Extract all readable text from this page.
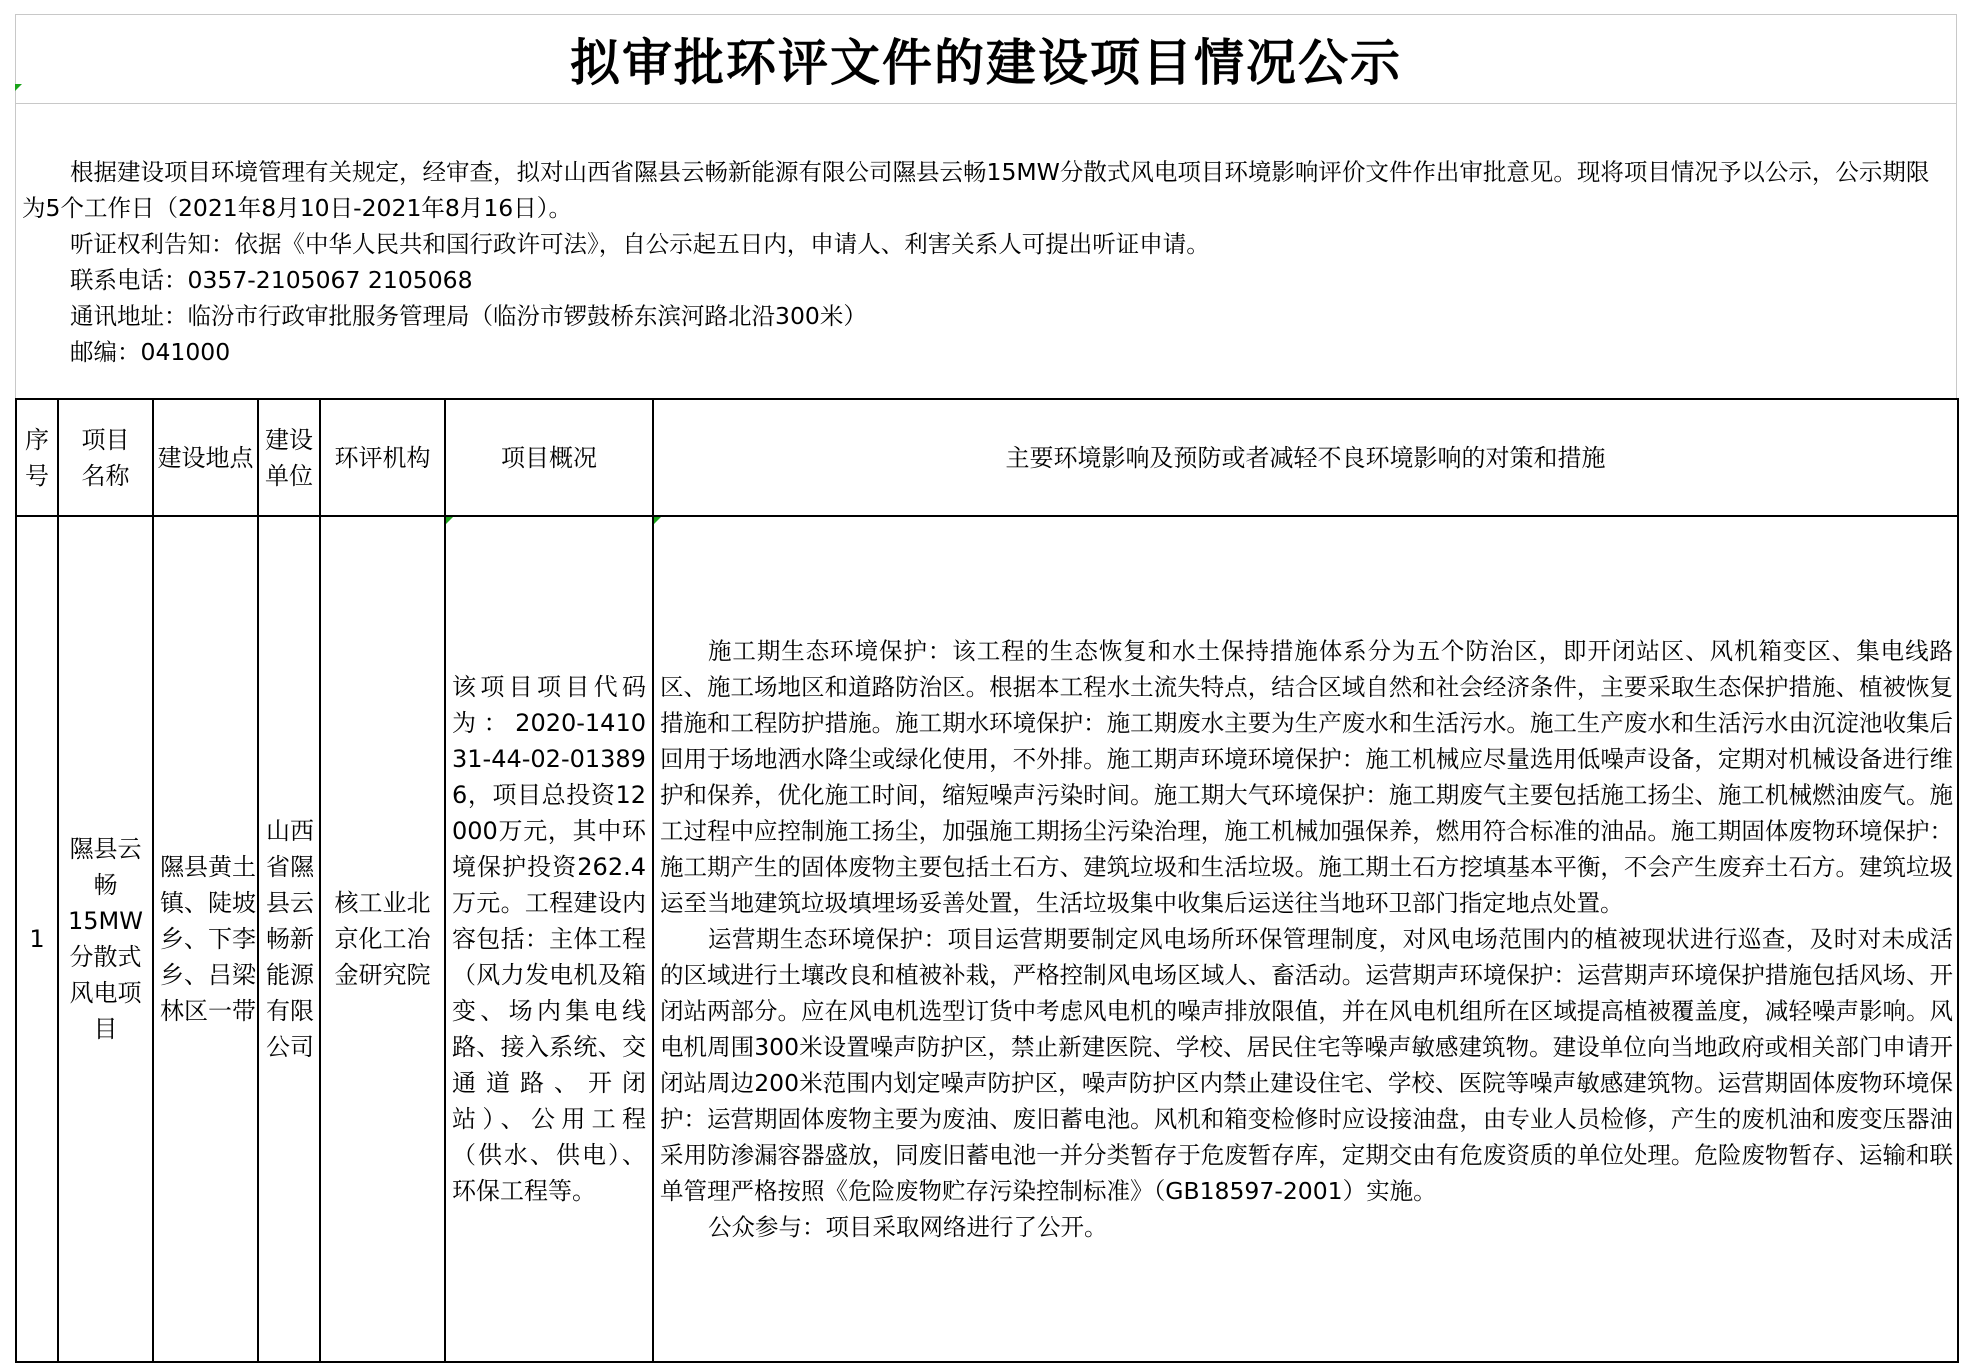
拟审批环评文件的建设项目情况公示

根据建设项目环境管理有关规定，经审查，拟对山西省隰县云畅新能源有限公司隰县云畅15MW分散式风电项目环境影响评价文件作出审批意见。现将项目情况予以公示，公示期限为5个工作日（2021年8月10日-2021年8月16日）。

听证权利告知：依据《中华人民共和国行政许可法》，自公示起五日内，申请人、利害关系人可提出听证申请。

联系电话：0357-2105067 2105068

通讯地址：临汾市行政审批服务管理局（临汾市锣鼓桥东滨河路北沿300米）

邮编：041000

序号	项目名称	建设地点	建设单位	环评机构	项目概况	主要环境影响及预防或者减轻不良环境影响的对策和措施
1	隰县云畅15MW分散式风电项目	隰县黄土镇、陡坡乡、下李乡、吕梁林区一带	山西省隰县云畅新能源有限公司	核工业北京化工冶金研究院	该项目项目代码为：2020-141031-44-02-013896，项目总投资12000万元，其中环境保护投资262.4万元。工程建设内容包括：主体工程（风力发电机及箱变、场内集电线路、接入系统、交通道路、开闭站）、公用工程（供水、供电）、环保工程等。	施工期生态环境保护：该工程的生态恢复和水土保持措施体系分为五个防治区，即开闭站区、风机箱变区、集电线路区、施工场地区和道路防治区。根据本工程水土流失特点，结合区域自然和社会经济条件，主要采取生态保护措施、植被恢复措施和工程防护措施。施工期水环境保护：施工期废水主要为生产废水和生活污水。施工生产废水和生活污水由沉淀池收集后回用于场地洒水降尘或绿化使用，不外排。施工期声环境环境保护：施工机械应尽量选用低噪声设备，定期对机械设备进行维护和保养，优化施工时间，缩短噪声污染时间。施工期大气环境保护：施工期废气主要包括施工扬尘、施工机械燃油废气。施工过程中应控制施工扬尘，加强施工期扬尘污染治理，施工机械加强保养，燃用符合标准的油品。施工期固体废物环境保护：施工期产生的固体废物主要包括土石方、建筑垃圾和生活垃圾。施工期土石方挖填基本平衡，不会产生废弃土石方。建筑垃圾运至当地建筑垃圾填埋场妥善处置，生活垃圾集中收集后运送往当地环卫部门指定地点处置。

运营期生态环境保护：项目运营期要制定风电场所环保管理制度，对风电场范围内的植被现状进行巡查，及时对未成活的区域进行土壤改良和植被补栽，严格控制风电场区域人、畜活动。运营期声环境保护：运营期声环境保护措施包括风场、开闭站两部分。应在风电机选型订货中考虑风电机的噪声排放限值，并在风电机组所在区域提高植被覆盖度，减轻噪声影响。风电机周围300米设置噪声防护区，禁止新建医院、学校、居民住宅等噪声敏感建筑物。建设单位向当地政府或相关部门申请开闭站周边200米范围内划定噪声防护区，噪声防护区内禁止建设住宅、学校、医院等噪声敏感建筑物。运营期固体废物环境保护：运营期固体废物主要为废油、废旧蓄电池。风机和箱变检修时应设接油盘，由专业人员检修，产生的废机油和废变压器油采用防渗漏容器盛放，同废旧蓄电池一并分类暂存于危废暂存库，定期交由有危废资质的单位处理。危险废物暂存、运输和联单管理严格按照《危险废物贮存污染控制标准》（GB18597-2001）实施。

公众参与：项目采取网络进行了公开。
